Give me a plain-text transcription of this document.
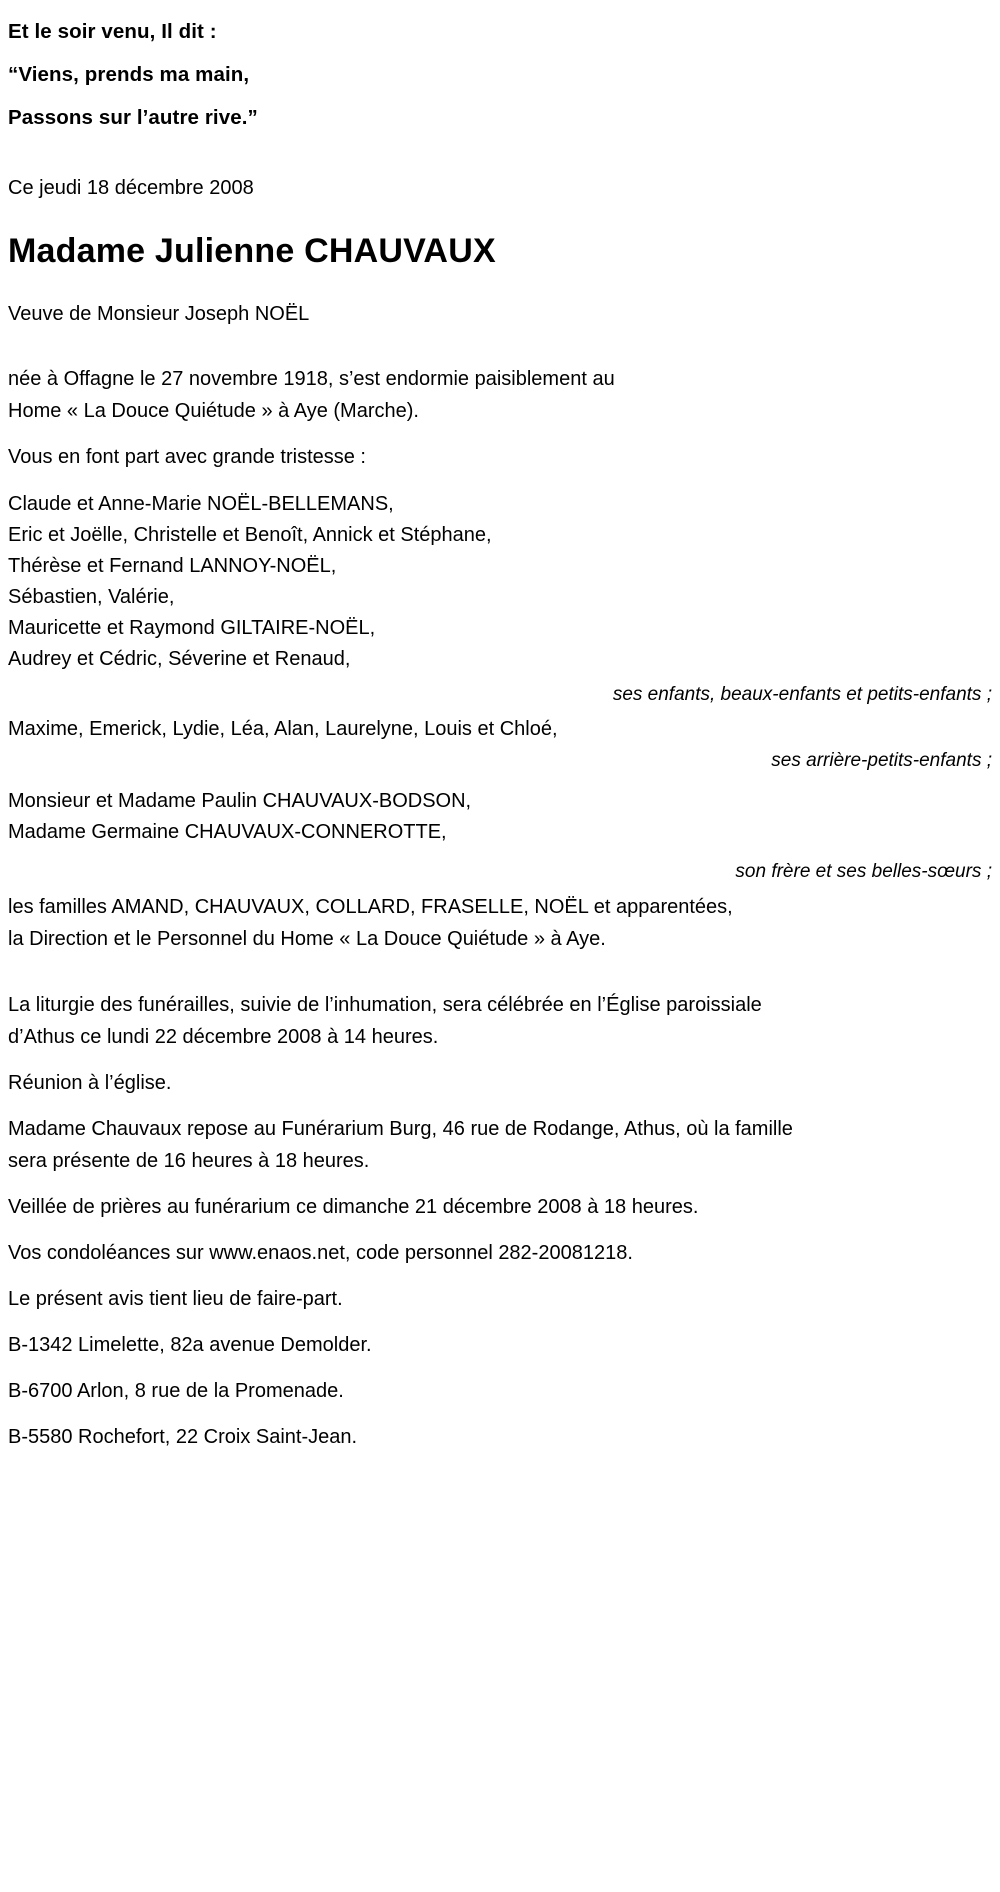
Et le soir venu, Il dit :
“Viens, prends ma main,
Passons sur l’autre rive.”
Ce jeudi 18 décembre 2008
Madame Julienne CHAUVAUX
Veuve de Monsieur Joseph NOËL
née à Offagne le 27 novembre 1918, s’est endormie paisiblement au
Home « La Douce Quiétude » à Aye (Marche).
Vous en font part avec grande tristesse :
Claude et Anne-Marie NOËL-BELLEMANS,
Eric et Joëlle, Christelle et Benoît, Annick et Stéphane,
Thérèse et Fernand LANNOY-NOËL,
Sébastien, Valérie,
Mauricette et Raymond GILTAIRE-NOËL,
Audrey et Cédric, Séverine et Renaud,
ses enfants, beaux-enfants et petits-enfants ;
Maxime, Emerick, Lydie, Léa, Alan, Laurelyne, Louis et Chloé,
ses arrière-petits-enfants ;
Monsieur et Madame Paulin CHAUVAUX-BODSON,
Madame Germaine CHAUVAUX-CONNEROTTE,
son frère et ses belles-sœurs ;
les familles AMAND, CHAUVAUX, COLLARD, FRASELLE, NOËL et apparentées,
la Direction et le Personnel du Home « La Douce Quiétude » à Aye.
La liturgie des funérailles, suivie de l’inhumation, sera célébrée en l’Église paroissiale d’Athus ce lundi 22 décembre 2008 à 14 heures.
Réunion à l’église.
Madame Chauvaux repose au Funérarium Burg, 46 rue de Rodange, Athus, où la famille sera présente de 16 heures à 18 heures.
Veillée de prières au funérarium ce dimanche 21 décembre 2008 à 18 heures.
Vos condoléances sur www.enaos.net, code personnel 282-20081218.
Le présent avis tient lieu de faire-part.
B-1342 Limelette, 82a avenue Demolder.
B-6700 Arlon, 8 rue de la Promenade.
B-5580 Rochefort, 22 Croix Saint-Jean.
